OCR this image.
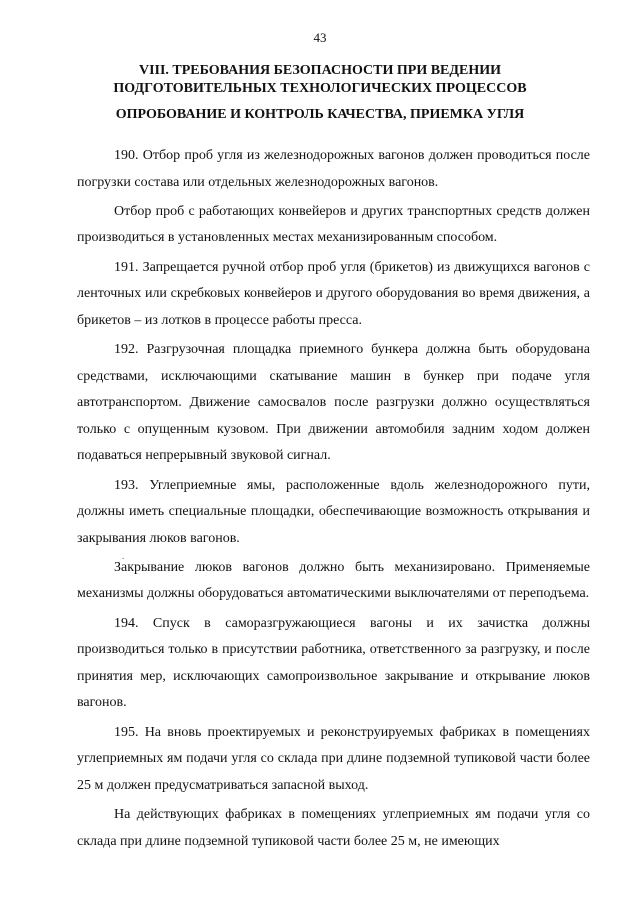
43
VIII. ТРЕБОВАНИЯ БЕЗОПАСНОСТИ ПРИ ВЕДЕНИИ ПОДГОТОВИТЕЛЬНЫХ ТЕХНОЛОГИЧЕСКИХ ПРОЦЕССОВ
ОПРОБОВАНИЕ И КОНТРОЛЬ КАЧЕСТВА, ПРИЕМКА УГЛЯ

190. Отбор проб угля из железнодорожных вагонов должен проводиться после погрузки состава или отдельных железнодорожных вагонов.

Отбор проб с работающих конвейеров и других транспортных средств должен производиться в установленных местах механизированным способом.

191. Запрещается ручной отбор проб угля (брикетов) из движущихся вагонов с ленточных или скребковых конвейеров и другого оборудования во время движения, а брикетов – из лотков в процессе работы пресса.

192. Разгрузочная площадка приемного бункера должна быть оборудована средствами, исключающими скатывание машин в бункер при подаче угля автотранспортом. Движение самосвалов после разгрузки должно осуществляться только с опущенным кузовом. При движении автомобиля задним ходом должен подаваться непрерывный звуковой сигнал.

193. Углеприемные ямы, расположенные вдоль железнодорожного пути, должны иметь специальные площадки, обеспечивающие возможность открывания и закрывания люков вагонов.

Закрывание люков вагонов должно быть механизировано. Применяемые механизмы должны оборудоваться автоматическими выключателями от переподъема.

194. Спуск в саморазгружающиеся вагоны и их зачистка должны производиться только в присутствии работника, ответственного за разгрузку, и после принятия мер, исключающих самопроизвольное закрывание и открывание люков вагонов.

195. На вновь проектируемых и реконструируемых фабриках в помещениях углеприемных ям подачи угля со склада при длине подземной тупиковой части более 25 м должен предусматриваться запасной выход.

На действующих фабриках в помещениях углеприемных ям подачи угля со склада при длине подземной тупиковой части более 25 м, не имеющих

.
